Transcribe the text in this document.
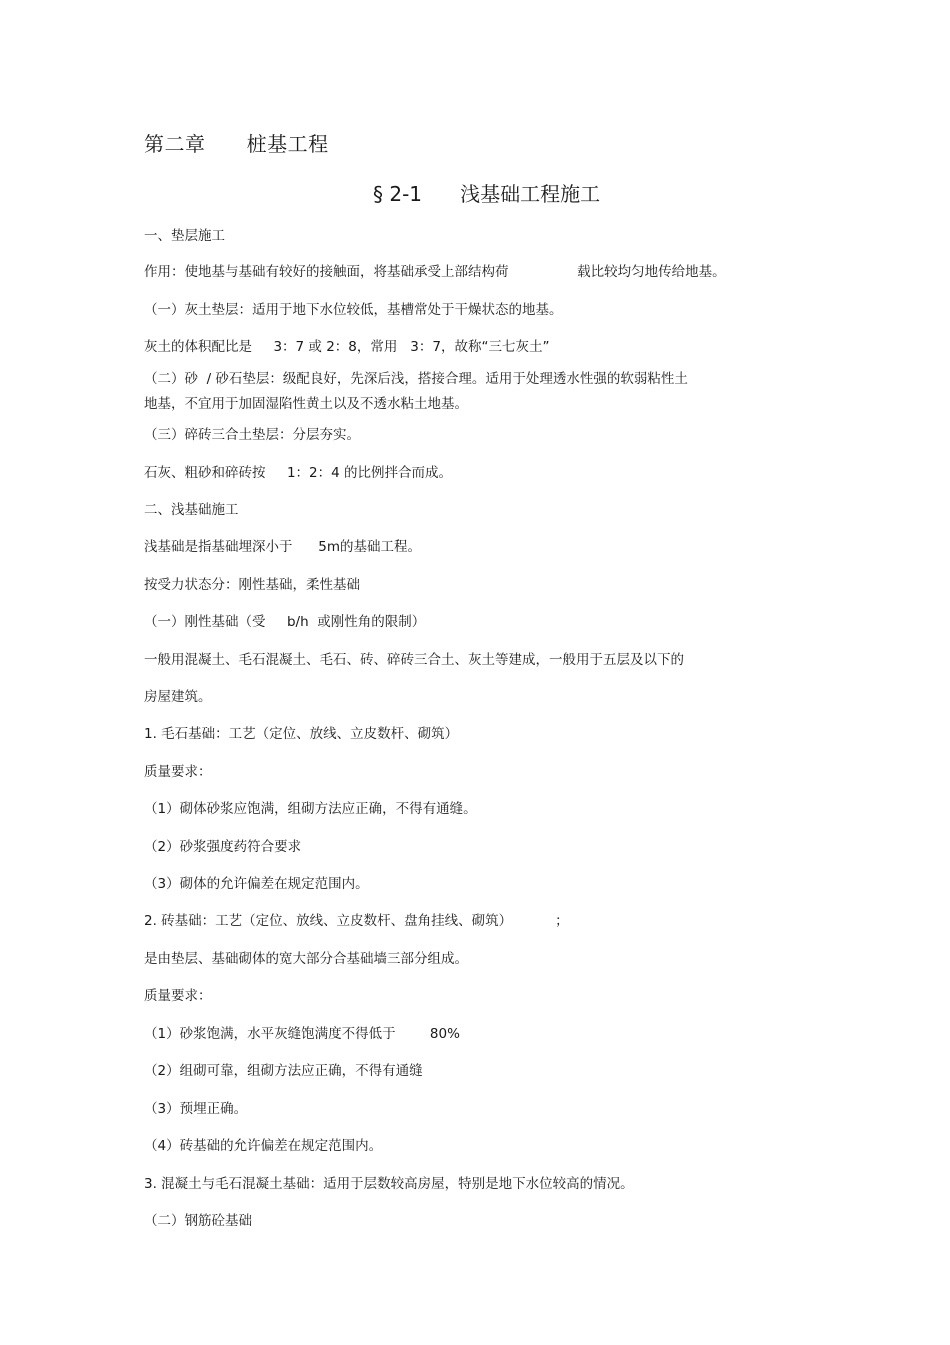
第二章      桩基工程
§ 2-1      浅基础工程施工
一、垫层施工
作用：使地基与基础有较好的接触面，将基础承受上部结构荷                载比较均匀地传给地基。
（一）灰土垫层：适用于地下水位较低，基槽常处于干燥状态的地基。
灰土的体积配比是     3：7 或 2：8，常用   3：7，故称“三七灰土”
（二）砂  / 砂石垫层：级配良好，先深后浅，搭接合理。适用于处理透水性强的软弱粘性土
地基，不宜用于加固湿陷性黄土以及不透水粘土地基。
（三）碎砖三合土垫层：分层夯实。
石灰、粗砂和碎砖按     1：2：4 的比例拌合而成。
二、浅基础施工
浅基础是指基础埋深小于      5m的基础工程。
按受力状态分：刚性基础，柔性基础
（一）刚性基础（受     b/h  或刚性角的限制）
一般用混凝土、毛石混凝土、毛石、砖、碎砖三合土、灰土等建成，一般用于五层及以下的
房屋建筑。
1. 毛石基础：工艺（定位、放线、立皮数杆、砌筑）
质量要求：
（1）砌体砂浆应饱满，组砌方法应正确，不得有通缝。
（2）砂浆强度药符合要求
（3）砌体的允许偏差在规定范围内。
2. 砖基础：工艺（定位、放线、立皮数杆、盘角挂线、砌筑）          ；
是由垫层、基础砌体的宽大部分合基础墙三部分组成。
质量要求：
（1）砂浆饱满，水平灰缝饱满度不得低于        80%
（2）组砌可靠，组砌方法应正确，不得有通缝
（3）预埋正确。
（4）砖基础的允许偏差在规定范围内。
3. 混凝土与毛石混凝土基础：适用于层数较高房屋，特别是地下水位较高的情况。
（二）钢筋砼基础
